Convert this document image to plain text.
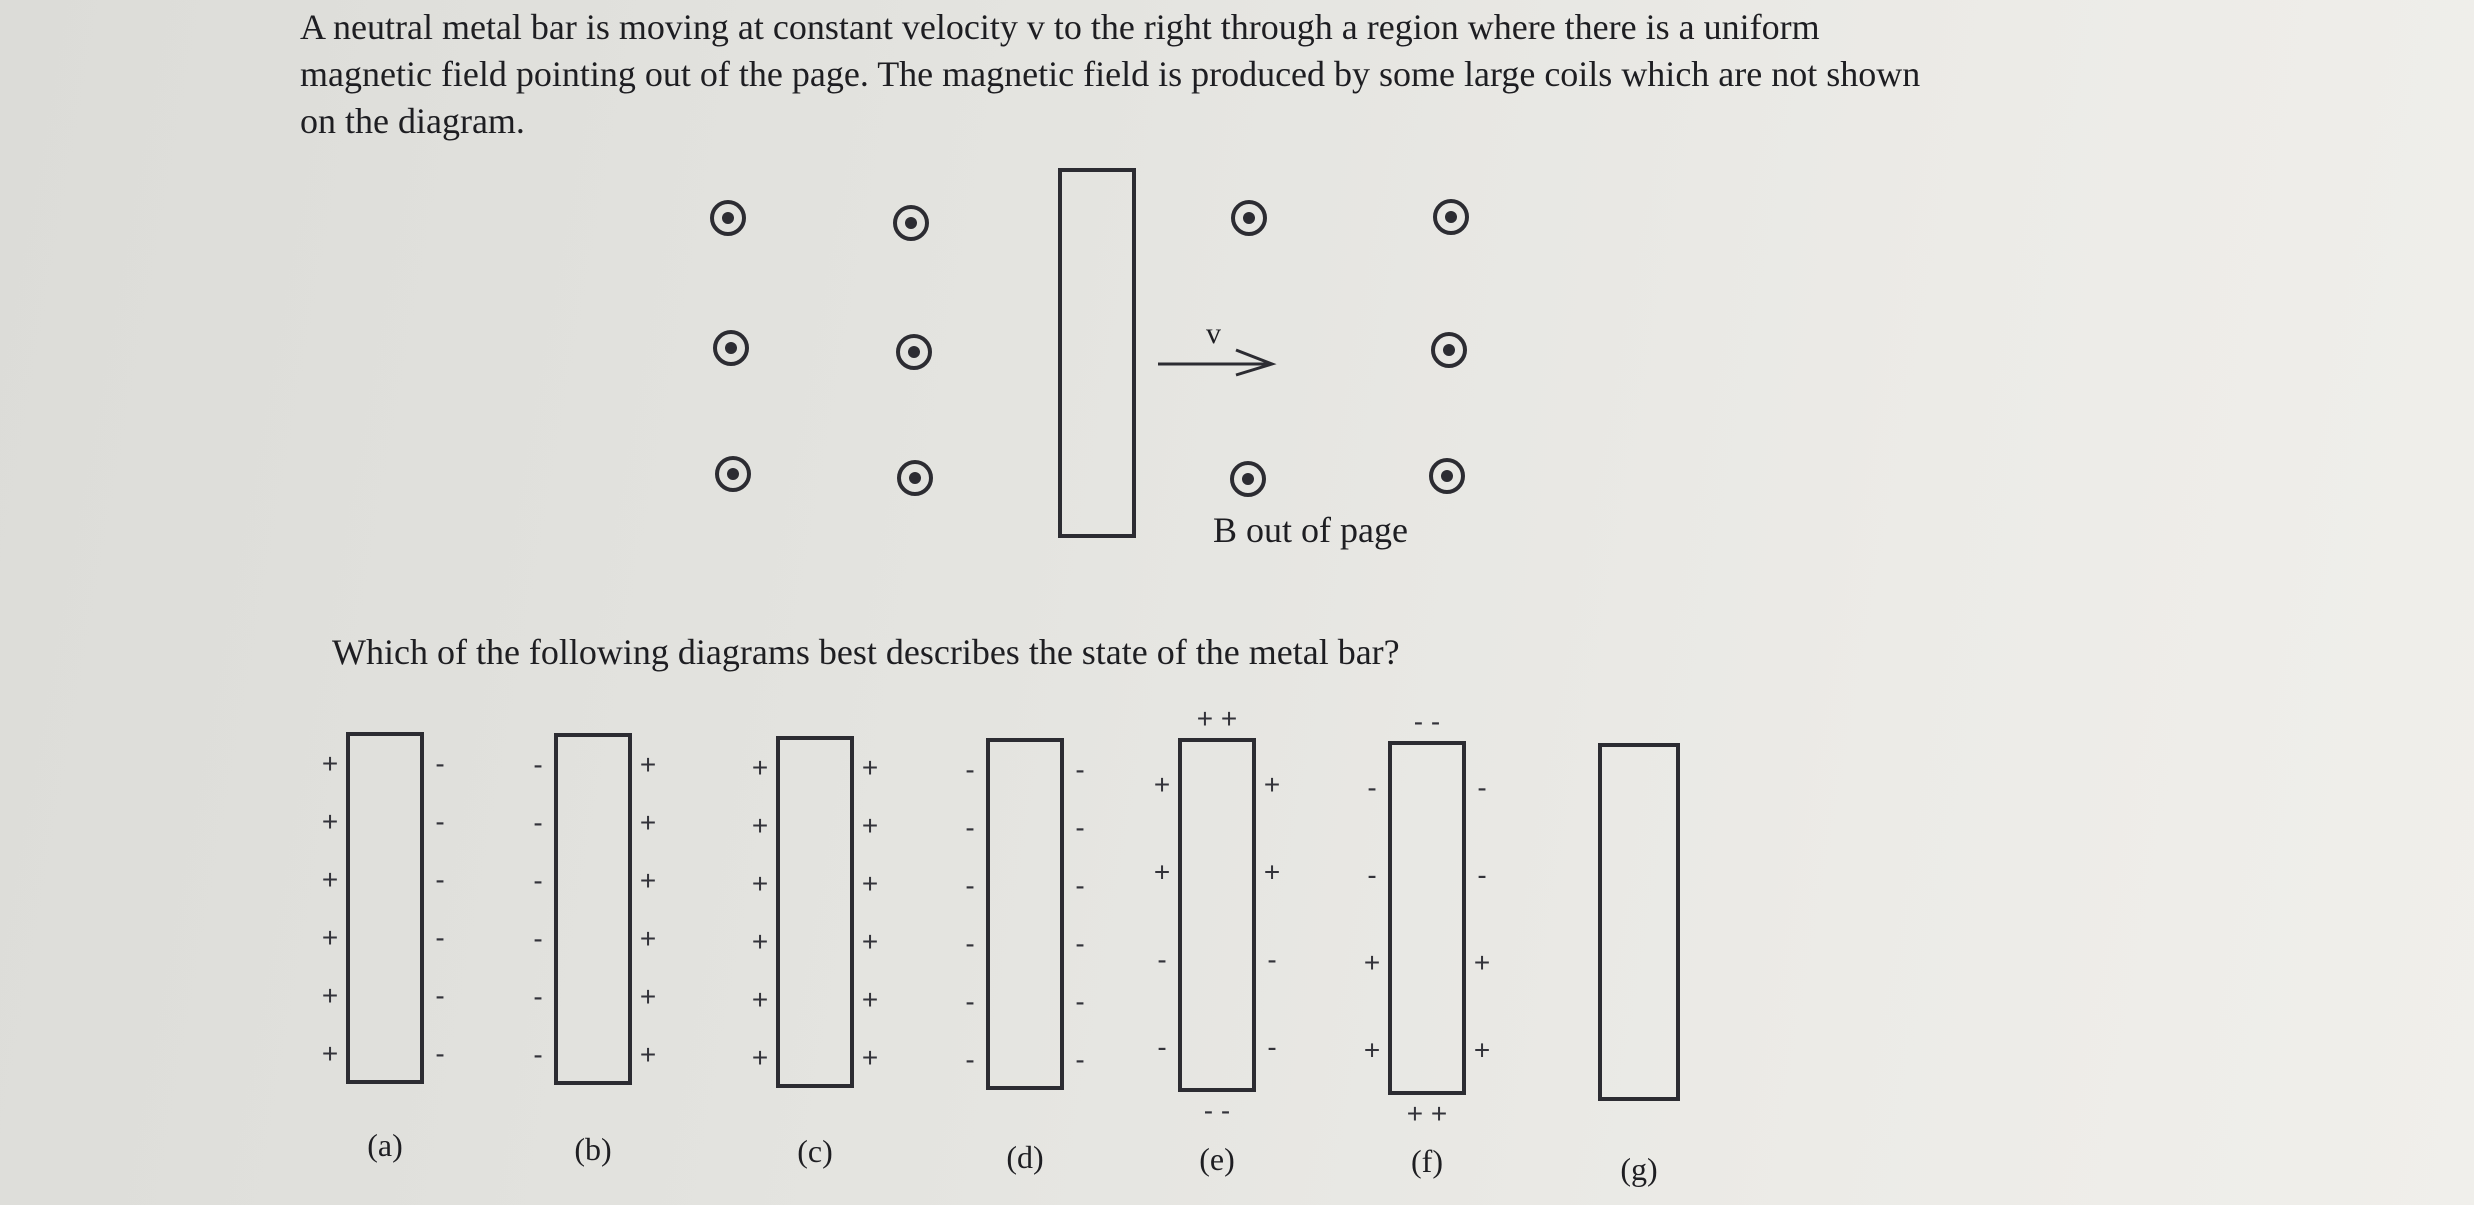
A neutral metal bar is moving at constant velocity v to the right through a region where there is a uniform magnetic field pointing out of the page. The magnetic field is produced by some large coils which are not shown on the diagram.

v
B out of page
Which of the following diagrams best describes the state of the metal bar?
+
+
+
+
+
+
-
-
-
-
-
-
(a)
-
-
-
-
-
-
+
+
+
+
+
+
(b)
+
+
+
+
+
+
+
+
+
+
+
+
(c)
-
-
-
-
-
-
-
-
-
-
-
-
(d)
+
+
-
-
+
+
-
-
+ +
- -
(e)
-
-
+
+
-
-
+
+
- -
+ +
(f)	(g)
